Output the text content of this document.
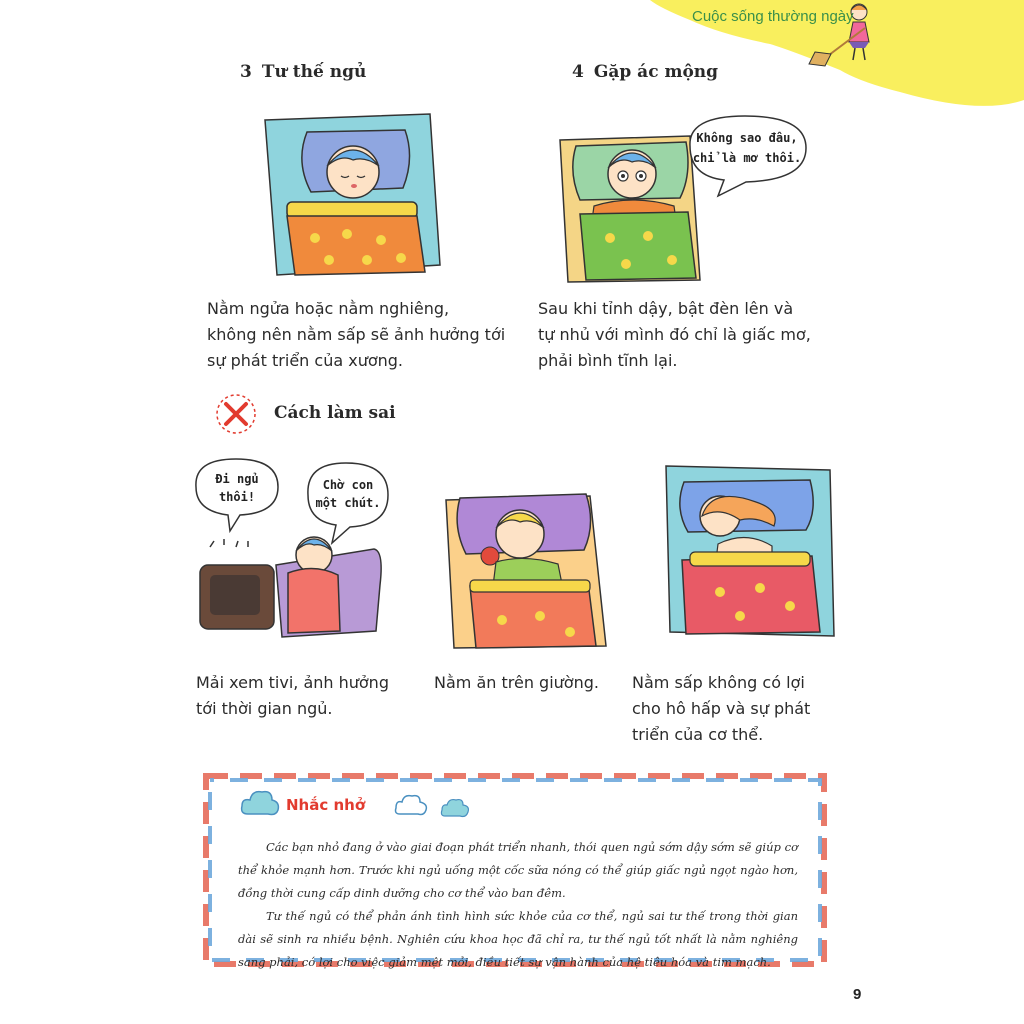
Cuộc sống thường ngày
3 Tư thế ngủ	4 Gặp ác mộng
Không sao đâu,
chỉ là mơ thôi.
Nằm ngửa hoặc nằm nghiêng,
không nên nằm sấp sẽ ảnh hưởng tới
sự phát triển của xương.
Sau khi tỉnh dậy, bật đèn lên và
tự nhủ với mình đó chỉ là giấc mơ,
phải bình tĩnh lại.
Cách làm sai
Đi ngủ
thôi!
Chờ con
một chút.
Mải xem tivi, ảnh hưởng
tới thời gian ngủ.
Nằm ăn trên giường. Nằm sấp không có lợi
cho hô hấp và sự phát
triển của cơ thể.
Nhắc nhở

Các bạn nhỏ đang ở vào giai đoạn phát triển nhanh, thói quen ngủ sớm dậy sớm sẽ giúp cơ thể khỏe mạnh hơn. Trước khi ngủ uống một cốc sữa nóng có thể giúp giấc ngủ ngọt ngào hơn, đồng thời cung cấp dinh dưỡng cho cơ thể vào ban đêm.

Tư thế ngủ có thể phản ánh tình hình sức khỏe của cơ thể, ngủ sai tư thế trong thời gian dài sẽ sinh ra nhiều bệnh. Nghiên cứu khoa học đã chỉ ra, tư thế ngủ tốt nhất là nằm nghiêng sang phải, có lợi cho việc giảm mệt mỏi, điều tiết sự vận hành của hệ tiêu hóa và tim mạch.

9
